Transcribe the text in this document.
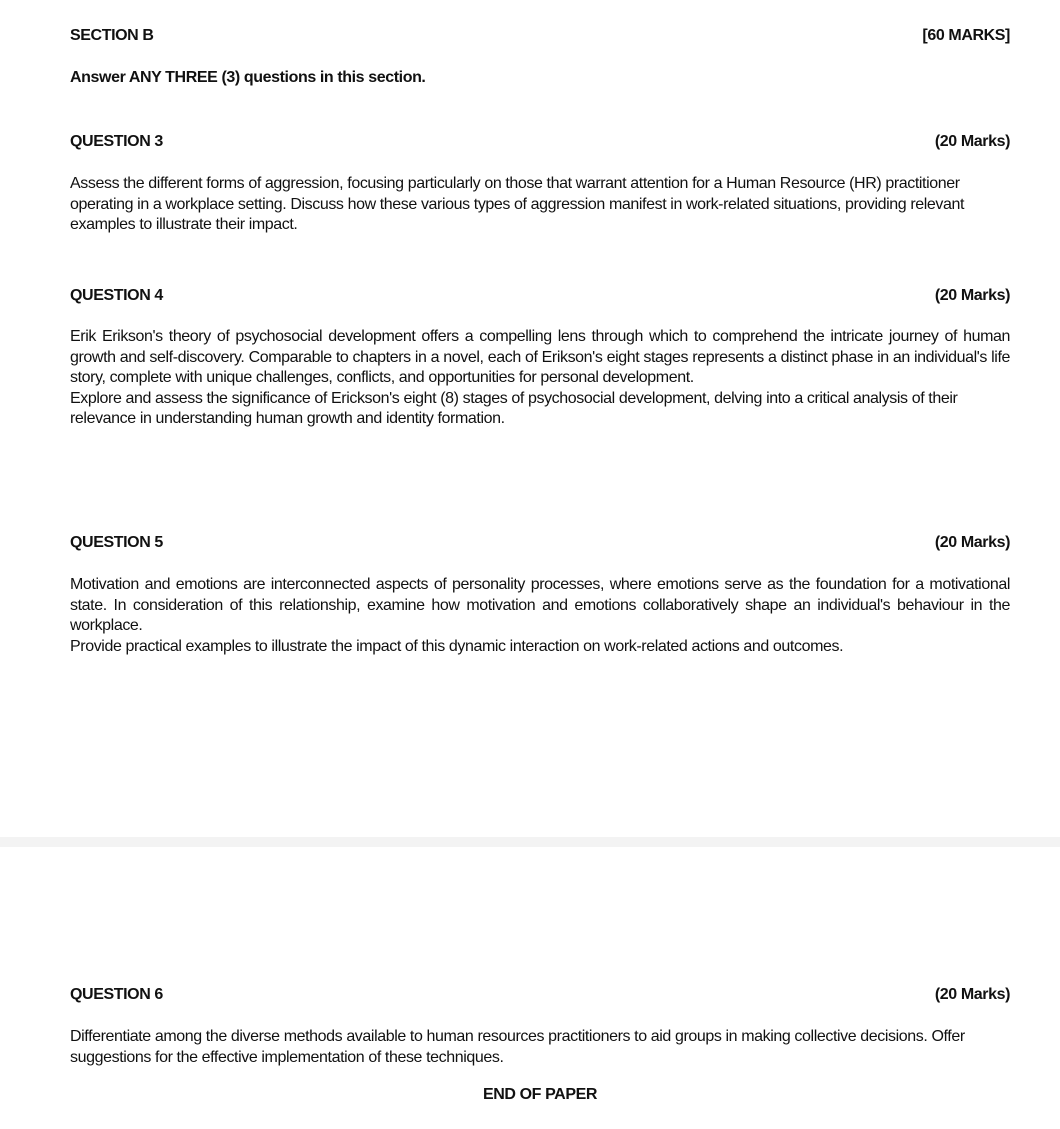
SECTION B	[60 MARKS]
Answer ANY THREE (3) questions in this section.
QUESTION 3	(20 Marks)

Assess the different forms of aggression, focusing particularly on those that warrant attention for a Human Resource (HR) practitioner operating in a workplace setting. Discuss how these various types of aggression manifest in work-related situations, providing relevant examples to illustrate their impact.

QUESTION 4	(20 Marks)

Erik Erikson's theory of psychosocial development offers a compelling lens through which to comprehend the intricate journey of human growth and self-discovery. Comparable to chapters in a novel, each of Erikson's eight stages represents a distinct phase in an individual's life story, complete with unique challenges, conflicts, and opportunities for personal development.

Explore and assess the significance of Erickson's eight (8) stages of psychosocial development, delving into a critical analysis of their relevance in understanding human growth and identity formation.

QUESTION 5	(20 Marks)

Motivation and emotions are interconnected aspects of personality processes, where emotions serve as the foundation for a motivational state. In consideration of this relationship, examine how motivation and emotions collaboratively shape an individual's behaviour in the workplace.

Provide practical examples to illustrate the impact of this dynamic interaction on work-related actions and outcomes.

QUESTION 6	(20 Marks)

Differentiate among the diverse methods available to human resources practitioners to aid groups in making collective decisions. Offer suggestions for the effective implementation of these techniques.

END OF PAPER
